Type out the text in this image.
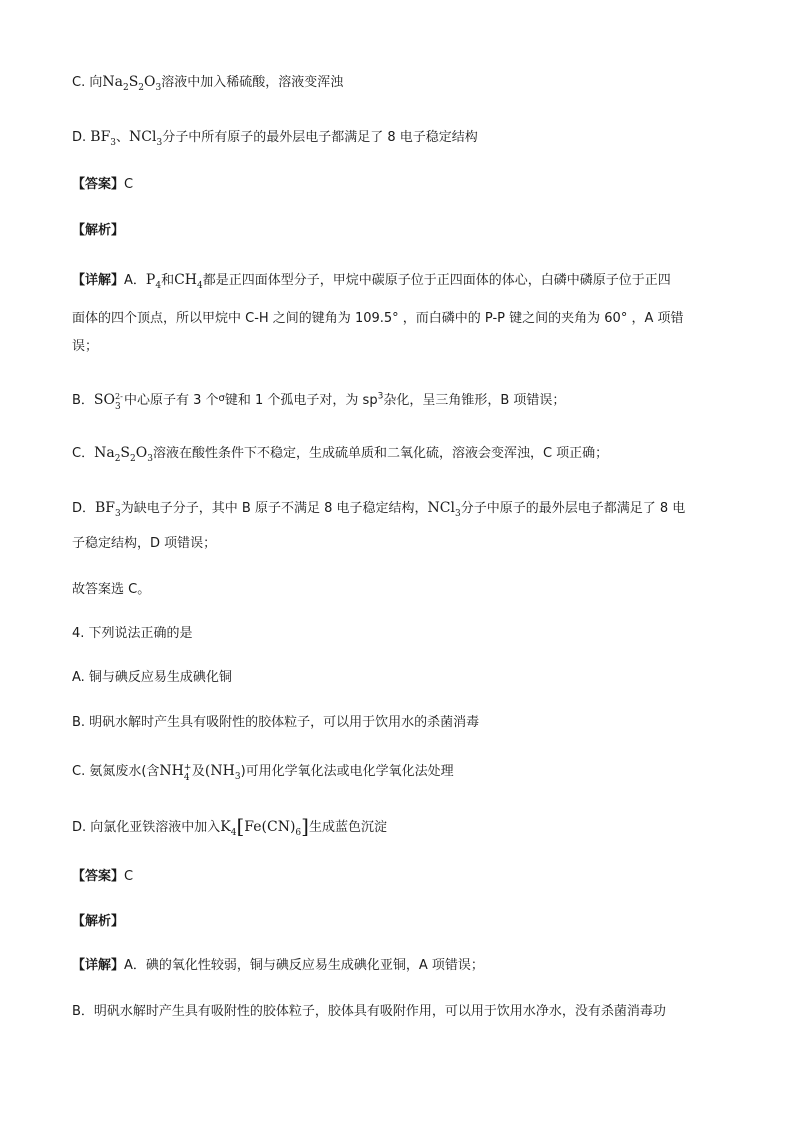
C. 向$Na_2S_2O_3$溶液中加入稀硫酸，溶液变浑浊
D. $BF_3$、NCl$_3$分子中所有原子的最外层电子都满足了 8 电子稳定结构
【答案】C
【解析】
【详解】A．$P_4$和$CH_4$都是正四面体型分子，甲烷中碳原子位于正四面体的体心，白磷中磷原子位于正四
面体的四个顶点，所以甲烷中 C-H 之间的键角为 109.5° ，而白磷中的 P-P 键之间的夹角为 60° ，A 项错
误；
B．SO 2-
3 中心原子有 3 个$^\sigma$键和 1 个孤电子对，为 $sp^3$杂化，呈三角锥形，B 项错误；
C．$Na_2S_2O_3$溶液在酸性条件下不稳定，生成硫单质和二氧化硫，溶液会变浑浊，C 项正确；
D．$BF_3$为缺电子分子，其中 B 原子不满足 8 电子稳定结构，NCl$_3$分子中原子的最外层电子都满足了 8 电
子稳定结构，D 项错误；
故答案选 C。
4. 下列说法正确的是
A. 铜与碘反应易生成碘化铜
B. 明矾水解时产生具有吸附性的胶体粒子，可以用于饮用水的杀菌消毒
C. 氨氮废水(含NH +
4 及$(NH_3)$可用化学氧化法或电化学氧化法处理
D. 向氯化亚铁溶液中加入$K_4[Fe(CN)_6]$生成蓝色沉淀
【答案】C
【解析】
【详解】A．碘的氧化性较弱，铜与碘反应易生成碘化亚铜，A 项错误；
B．明矾水解时产生具有吸附性的胶体粒子，胶体具有吸附作用，可以用于饮用水净水，没有杀菌消毒功
